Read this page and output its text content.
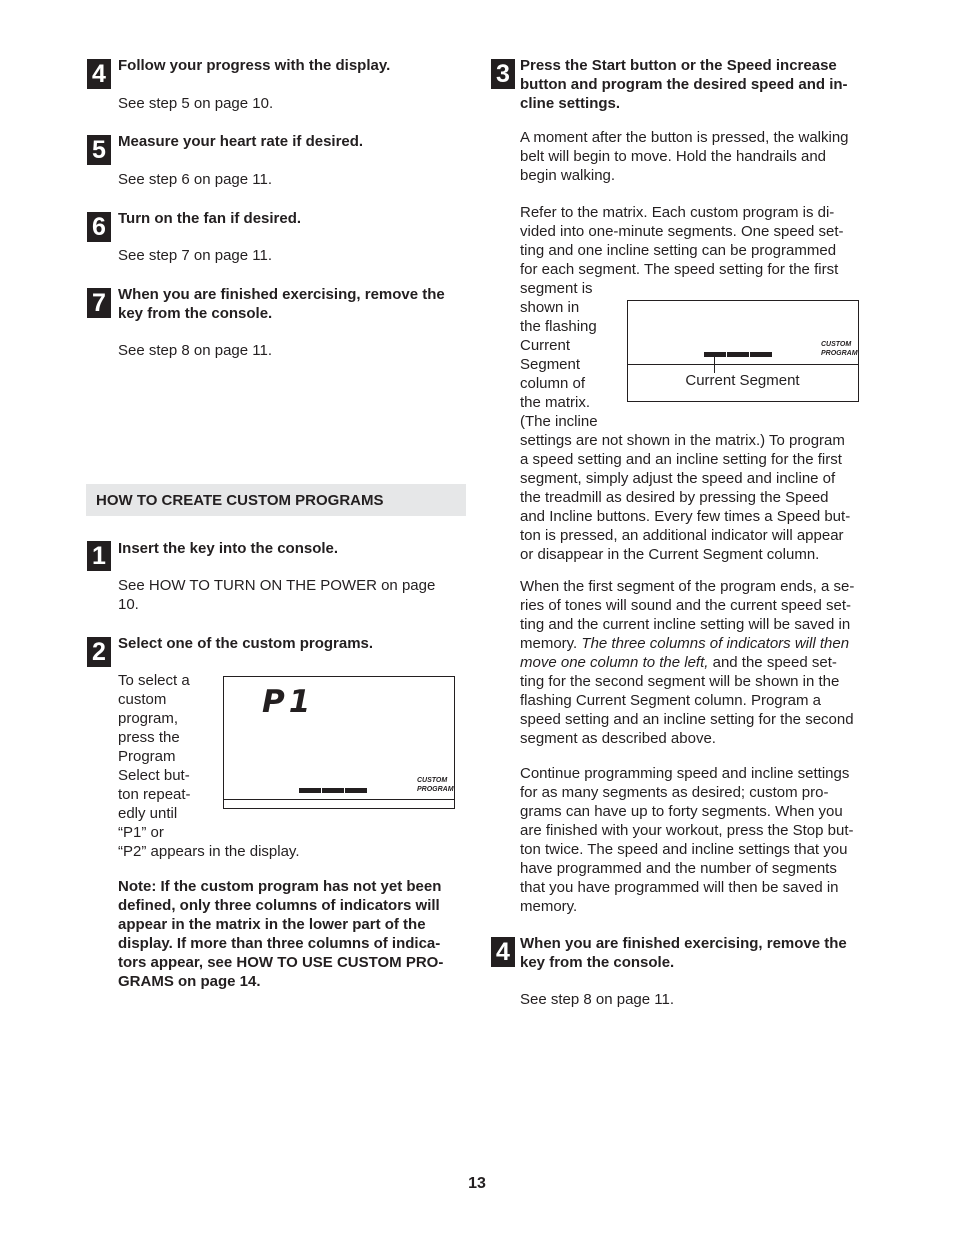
4 Follow your progress with the display.
See step 5 on page 10.
5 Measure your heart rate if desired.
See step 6 on page 11.
6 Turn on the fan if desired.
See step 7 on page 11.
7 When you are finished exercising, remove the
key from the console.
See step 8 on page 11.
HOW TO CREATE CUSTOM PROGRAMS
1 Insert the key into the console.
See HOW TO TURN ON THE POWER on page
10.
2 Select one of the custom programs.
To select a
custom
program,
press the
Program
Select but-
ton repeat-
edly until
“P1” or
“P2” appears in the display.
P1
CUSTOM
PROGRAM
Note: If the custom program has not yet been
defined, only three columns of indicators will
appear in the matrix in the lower part of the
display. If more than three columns of indica-
tors appear, see HOW TO USE CUSTOM PRO-
GRAMS on page 14.
3 Press the Start button or the Speed increase
button and program the desired speed and in-
cline settings.
A moment after the button is pressed, the walking
belt will begin to move. Hold the handrails and
begin walking.
Refer to the matrix. Each custom program is di-
vided into one-minute segments. One speed set-
ting and one incline setting can be programmed
for each segment. The speed setting for the first
segment is
shown in
the flashing
Current
Segment
column of
the matrix.
(The incline
settings are not shown in the matrix.) To program
a speed setting and an incline setting for the first
segment, simply adjust the speed and incline of
the treadmill as desired by pressing the Speed
and Incline buttons. Every few times a Speed but-
ton is pressed, an additional indicator will appear
or disappear in the Current Segment column.
CUSTOM
PROGRAM
Current Segment
When the first segment of the program ends, a se-
ries of tones will sound and the current speed set-
ting and the current incline setting will be saved in
memory. The three columns of indicators will then
move one column to the left, and the speed set-
ting for the second segment will be shown in the
flashing Current Segment column. Program a
speed setting and an incline setting for the second
segment as described above.
Continue programming speed and incline settings
for as many segments as desired; custom pro-
grams can have up to forty segments. When you
are finished with your workout, press the Stop but-
ton twice. The speed and incline settings that you
have programmed and the number of segments
that you have programmed will then be saved in
memory.
4 When you are finished exercising, remove the
key from the console.
See step 8 on page 11.
13
